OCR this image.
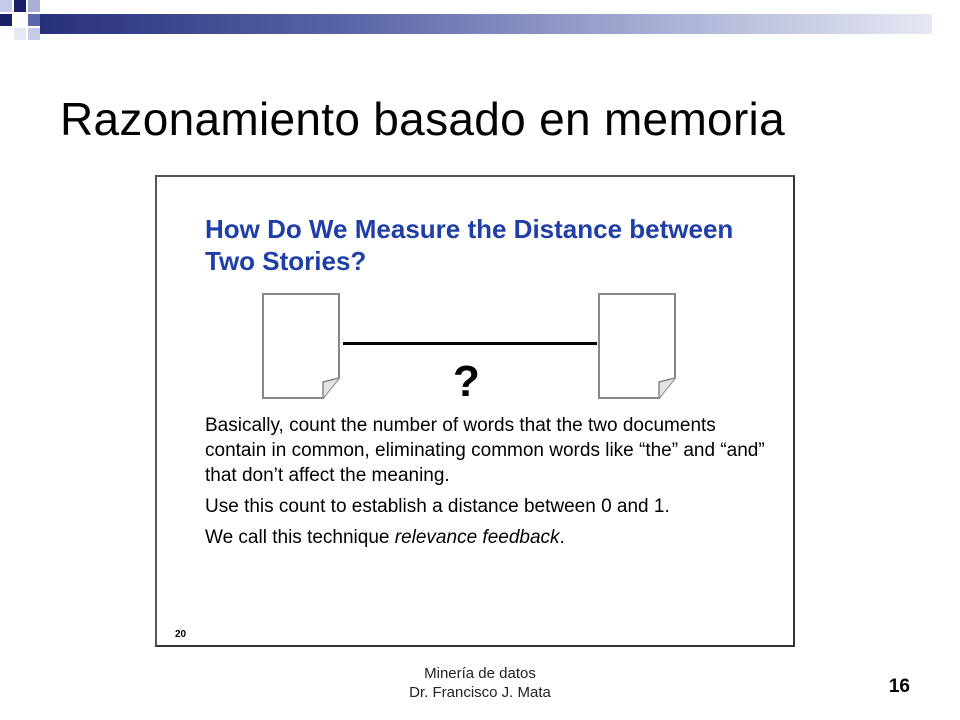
Razonamiento basado en memoria
How Do We Measure the Distance between Two Stories?
?

Basically, count the number of words that the two documents contain in common, eliminating common words like “the” and “and” that don’t affect the meaning.

Use this count to establish a distance between 0 and 1.

We call this technique relevance feedback.

20
Minería de datos
Dr. Francisco J. Mata	16
